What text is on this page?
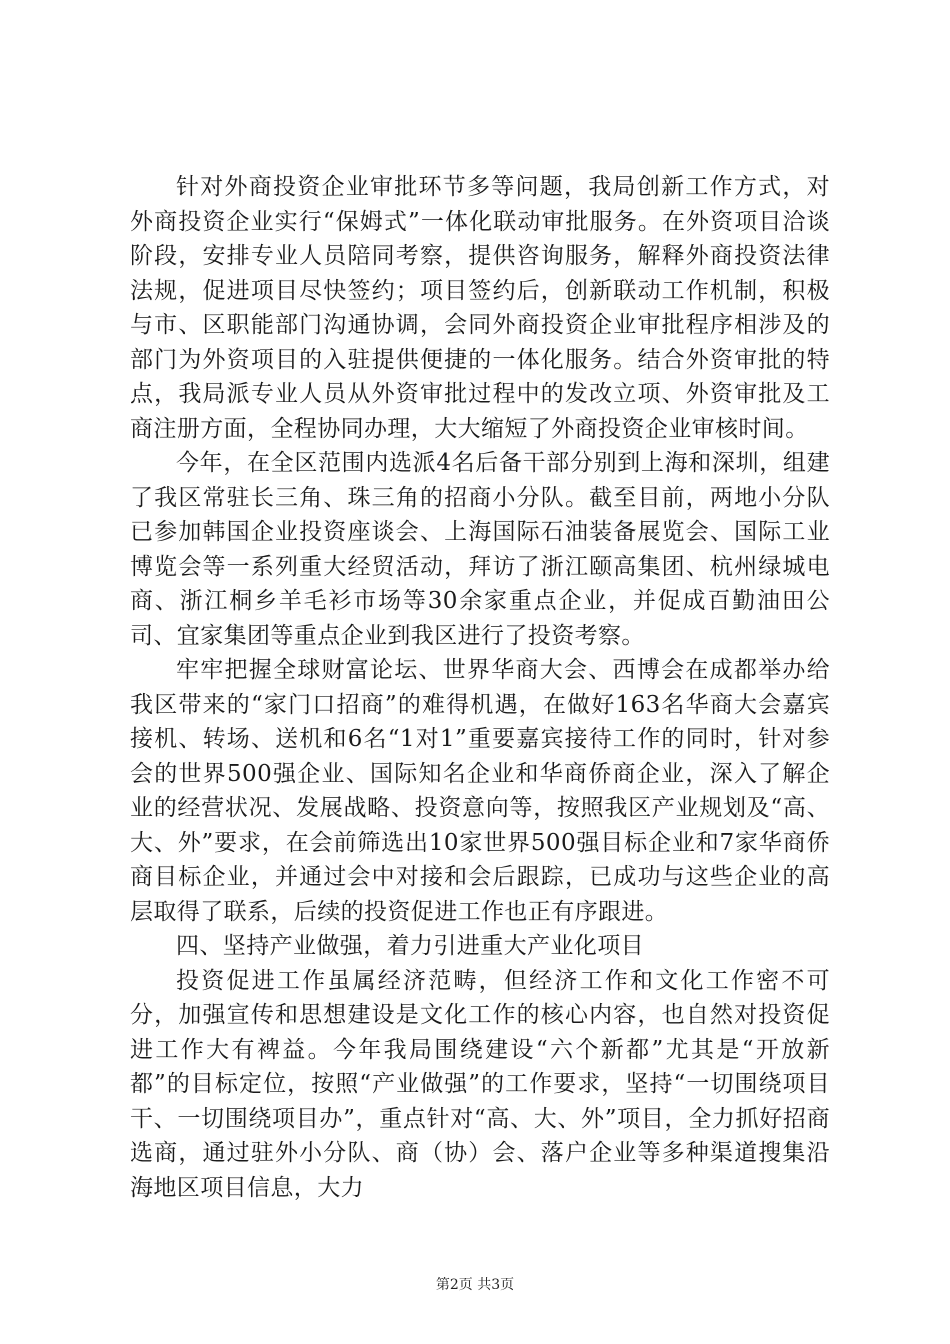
针对外商投资企业审批环节多等问题，我局创新工作方式，对外商投资企业实行“保姆式”一体化联动审批服务。在外资项目洽谈阶段，安排专业人员陪同考察，提供咨询服务，解释外商投资法律法规，促进项目尽快签约；项目签约后，创新联动工作机制，积极与市、区职能部门沟通协调，会同外商投资企业审批程序相涉及的部门为外资项目的入驻提供便捷的一体化服务。结合外资审批的特点，我局派专业人员从外资审批过程中的发改立项、外资审批及工商注册方面，全程协同办理，大大缩短了外商投资企业审核时间。

今年，在全区范围内选派4名后备干部分别到上海和深圳，组建了我区常驻长三角、珠三角的招商小分队。截至目前，两地小分队已参加韩国企业投资座谈会、上海国际石油装备展览会、国际工业博览会等一系列重大经贸活动，拜访了浙江颐高集团、杭州绿城电商、浙江桐乡羊毛衫市场等30余家重点企业，并促成百勤油田公司、宜家集团等重点企业到我区进行了投资考察。

牢牢把握全球财富论坛、世界华商大会、西博会在成都举办给我区带来的“家门口招商”的难得机遇，在做好163名华商大会嘉宾接机、转场、送机和6名“1对1”重要嘉宾接待工作的同时，针对参会的世界500强企业、国际知名企业和华商侨商企业，深入了解企业的经营状况、发展战略、投资意向等，按照我区产业规划及“高、大、外”要求，在会前筛选出10家世界500强目标企业和7家华商侨商目标企业，并通过会中对接和会后跟踪，已成功与这些企业的高层取得了联系，后续的投资促进工作也正有序跟进。

四、坚持产业做强，着力引进重大产业化项目

投资促进工作虽属经济范畴，但经济工作和文化工作密不可分，加强宣传和思想建设是文化工作的核心内容，也自然对投资促进工作大有裨益。今年我局围绕建设“六个新都”尤其是“开放新都”的目标定位，按照“产业做强”的工作要求，坚持“一切围绕项目干、一切围绕项目办”，重点针对“高、大、外”项目，全力抓好招商选商，通过驻外小分队、商（协）会、落户企业等多种渠道搜集沿海地区项目信息，大力

第2页 共3页
